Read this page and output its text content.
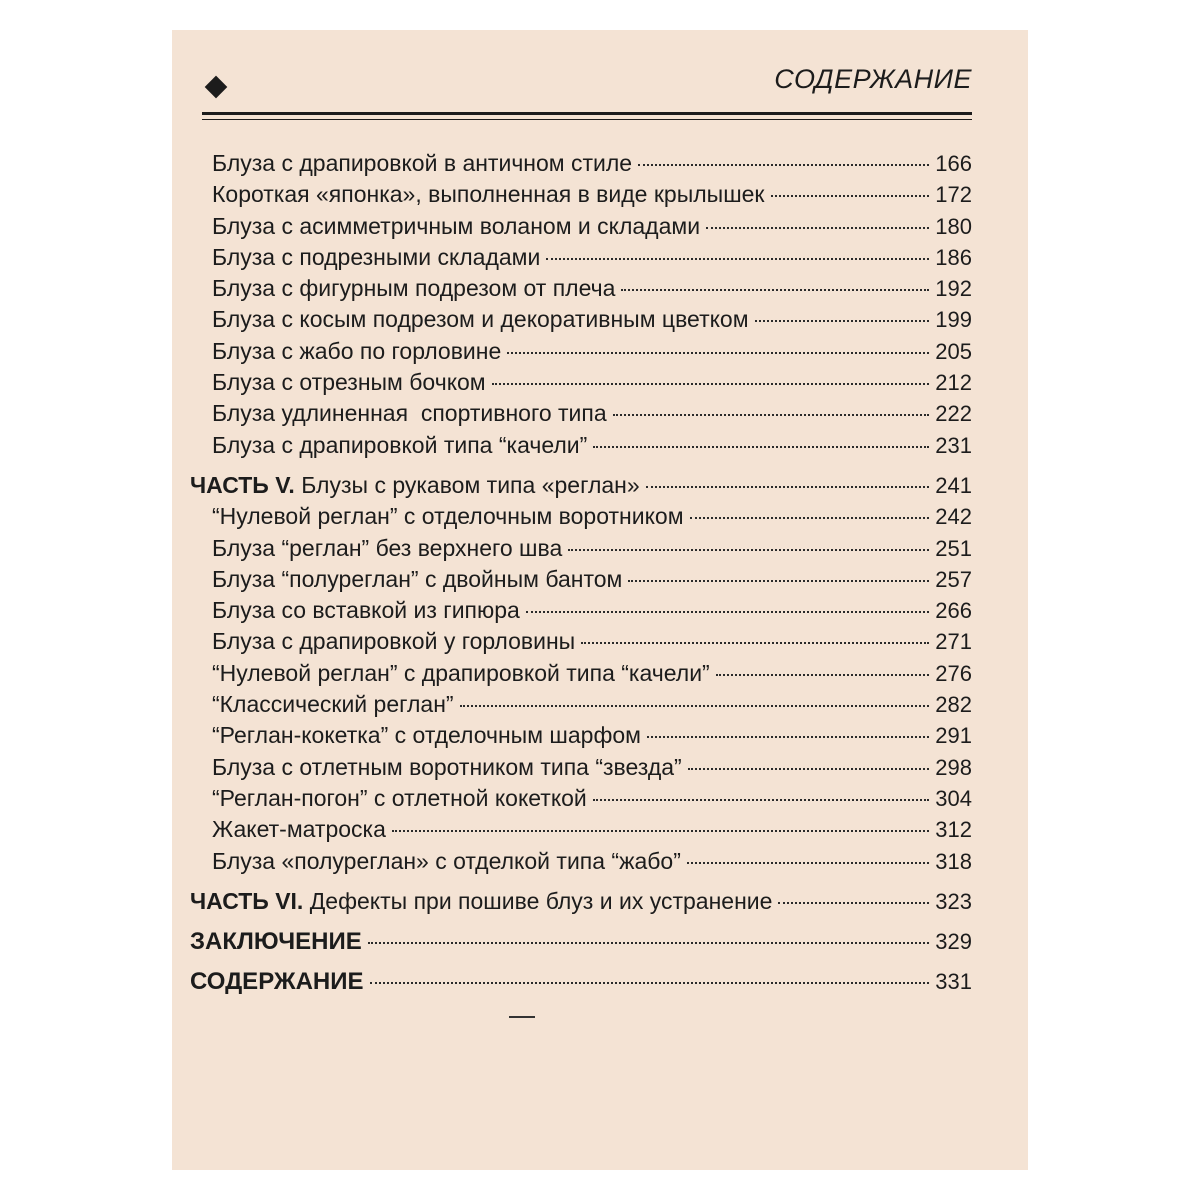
СОДЕРЖАНИЕ
Блуза с драпировкой в античном стиле	166
Короткая «японка», выполненная в виде крылышек	172
Блуза с асимметричным воланом и складами	180
Блуза с подрезными складами	186
Блуза с фигурным подрезом от плеча	192
Блуза с косым подрезом и декоративным цветком	199
Блуза с жабо по горловине	205
Блуза с отрезным бочком	212
Блуза удлиненная  спортивного типа	222
Блуза с драпировкой типа “качели”	231
ЧАСТЬ V. Блузы с рукавом типа «реглан»	241
“Нулевой реглан” с отделочным воротником	242
Блуза “реглан” без верхнего шва	251
Блуза “полуреглан” с двойным бантом	257
Блуза со вставкой из гипюра	266
Блуза с драпировкой у горловины	271
“Нулевой реглан” с драпировкой типа “качели”	276
“Классический реглан”	282
“Реглан-кокетка” с отделочным шарфом	291
Блуза с отлетным воротником типа “звезда”	298
“Реглан-погон” с отлетной кокеткой	304
Жакет-матроска	312
Блуза «полуреглан» с отделкой типа “жабо”	318
ЧАСТЬ VI. Дефекты при пошиве блуз и их устранение	323
ЗАКЛЮЧЕНИЕ	329
СОДЕРЖАНИЕ	331
